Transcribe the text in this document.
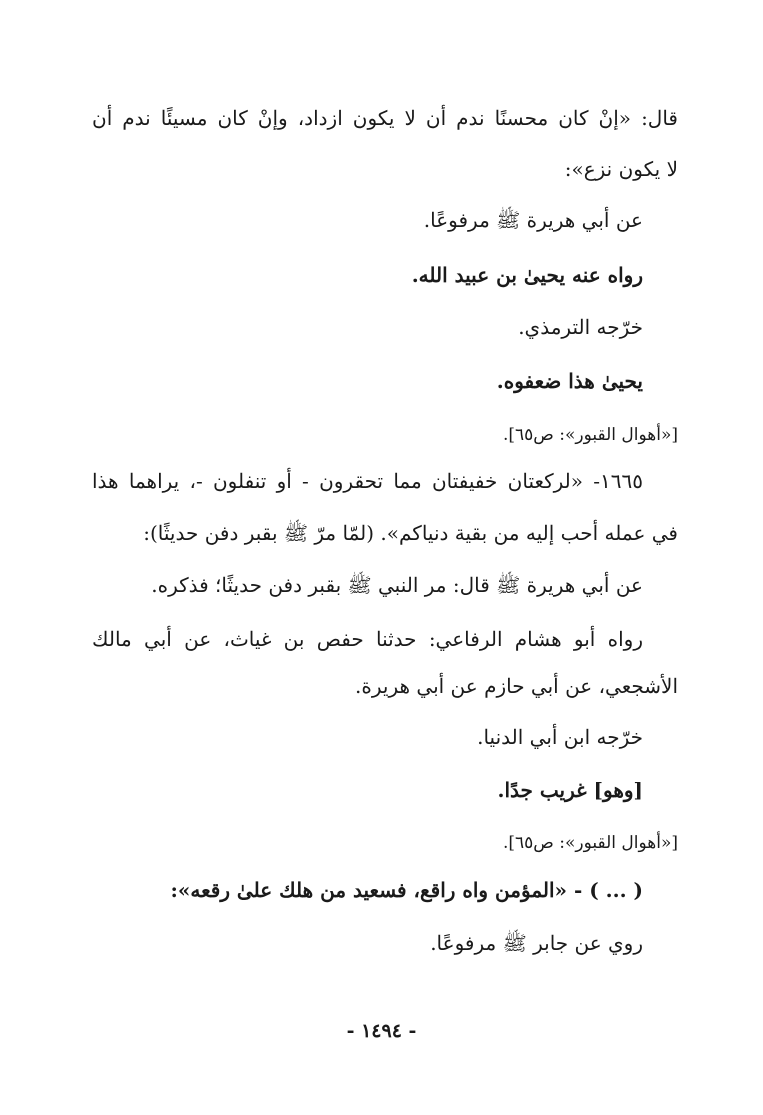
قال: «إنْ كان محسنًا ندم أن لا يكون ازداد، وإنْ كان مسيئًا ندم أن
لا يكون نزع»:
عن أبي هريرة ﷺ مرفوعًا.
رواه عنه يحيىٰ بن عبيد الله.
خرّجه الترمذي.
يحيىٰ هذا ضعفوه.
[«أهوال القبور»: ص٦٥].
١٦٦٥- «لركعتان خفيفتان مما تحقرون - أو تنفلون -، يراهما هذا
في عمله أحب إليه من بقية دنياكم». (لمّا مرّ ﷺ بقبر دفن حديثًا):
عن أبي هريرة ﷺ قال: مر النبي ﷺ بقبر دفن حديثًا؛ فذكره.
رواه أبو هشام الرفاعي: حدثنا حفص بن غياث، عن أبي مالك
الأشجعي، عن أبي حازم عن أبي هريرة.
خرّجه ابن أبي الدنيا.
[وهو] غريب جدًا.
[«أهوال القبور»: ص٦٥].
( ... ) - «المؤمن واه راقع، فسعيد من هلك علىٰ رقعه»:
روي عن جابر ﷺ مرفوعًا.
- ١٤٩٤ -
